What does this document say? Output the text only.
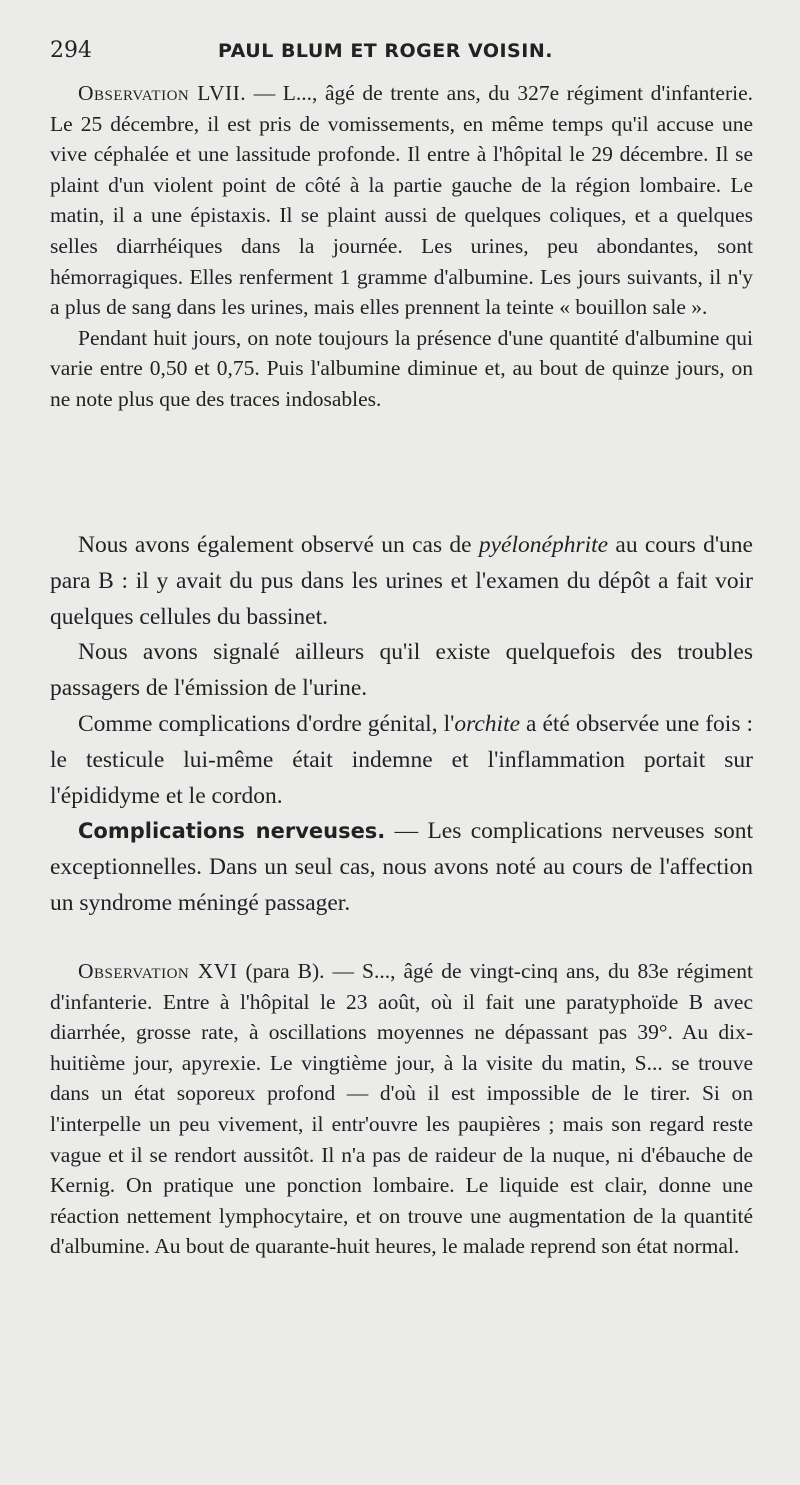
294	PAUL BLUM ET ROGER VOISIN.

Observation LVII. — L..., âgé de trente ans, du 327e régiment d'infanterie. Le 25 décembre, il est pris de vomissements, en même temps qu'il accuse une vive céphalée et une lassitude profonde. Il entre à l'hôpital le 29 décembre. Il se plaint d'un violent point de côté à la partie gauche de la région lombaire. Le matin, il a une épistaxis. Il se plaint aussi de quelques coliques, et a quelques selles diarrhéiques dans la journée. Les urines, peu abondantes, sont hémorragiques. Elles renferment 1 gramme d'albumine. Les jours suivants, il n'y a plus de sang dans les urines, mais elles prennent la teinte « bouillon sale ».

Pendant huit jours, on note toujours la présence d'une quantité d'albumine qui varie entre 0,50 et 0,75. Puis l'albumine diminue et, au bout de quinze jours, on ne note plus que des traces indosables.

Nous avons également observé un cas de pyélonéphrite au cours d'une para B : il y avait du pus dans les urines et l'examen du dépôt a fait voir quelques cellules du bassinet.

Nous avons signalé ailleurs qu'il existe quelquefois des troubles passagers de l'émission de l'urine.

Comme complications d'ordre génital, l'orchite a été observée une fois : le testicule lui-même était indemne et l'inflammation portait sur l'épididyme et le cordon.

Complications nerveuses. — Les complications nerveuses sont exceptionnelles. Dans un seul cas, nous avons noté au cours de l'affection un syndrome méningé passager.

Observation XVI (para B). — S..., âgé de vingt-cinq ans, du 83e régiment d'infanterie. Entre à l'hôpital le 23 août, où il fait une paratyphoïde B avec diarrhée, grosse rate, à oscillations moyennes ne dépassant pas 39°. Au dix-huitième jour, apyrexie. Le vingtième jour, à la visite du matin, S... se trouve dans un état soporeux profond — d'où il est impossible de le tirer. Si on l'interpelle un peu vivement, il entr'ouvre les paupières ; mais son regard reste vague et il se rendort aussitôt. Il n'a pas de raideur de la nuque, ni d'ébauche de Kernig. On pratique une ponction lombaire. Le liquide est clair, donne une réaction nettement lymphocytaire, et on trouve une augmentation de la quantité d'albumine. Au bout de quarante-huit heures, le malade reprend son état normal.
